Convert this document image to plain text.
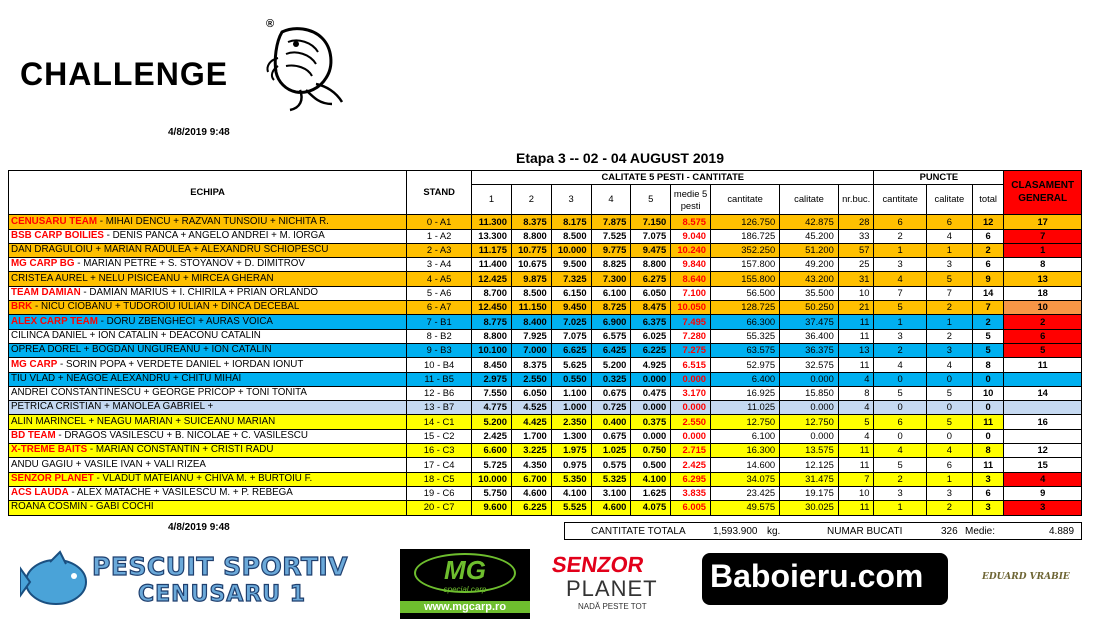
CHALLENGE
®
4/8/2019 9:48
Etapa 3 -- 02 - 04 AUGUST 2019
ECHIPA	STAND	CALITATE 5 PESTI - CANTITATE									PUNCTE			CLASAMENT GENERAL
		1	2	3	4	5	medie 5 pesti	cantitate	calitate	nr.buc.	cantitate	calitate	total	
CENUSARU TEAM - MIHAI DENCU + RAZVAN TUNSOIU + NICHITA R.	0 - A1	11.300	8.375	8.175	7.875	7.150	8.575	126.750	42.875	28	6	6	12	17
BSB CARP BOILIES - DENIS PANCA + ANGELO ANDREI + M. IORGA	1 - A2	13.300	8.800	8.500	7.525	7.075	9.040	186.725	45.200	33	2	4	6	7
DAN DRAGULOIU + MARIAN RADULEA + ALEXANDRU SCHIOPESCU	2 - A3	11.175	10.775	10.000	9.775	9.475	10.240	352.250	51.200	57	1	1	2	1
MG CARP BG - MARIAN PETRE + S. STOYANOV + D. DIMITROV	3 - A4	11.400	10.675	9.500	8.825	8.800	9.840	157.800	49.200	25	3	3	6	8
CRISTEA AUREL + NELU PISICEANU + MIRCEA GHERAN	4 - A5	12.425	9.875	7.325	7.300	6.275	8.640	155.800	43.200	31	4	5	9	13
TEAM DAMIAN - DAMIAN MARIUS + I. CHIRILA + PRIAN ORLANDO	5 - A6	8.700	8.500	6.150	6.100	6.050	7.100	56.500	35.500	10	7	7	14	18
BRK - NICU CIOBANU + TUDOROIU IULIAN + DINCA DECEBAL	6 - A7	12.450	11.150	9.450	8.725	8.475	10.050	128.725	50.250	21	5	2	7	10
ALEX CARP TEAM - DORU ZBENGHECI + AURAS VOICA	7 - B1	8.775	8.400	7.025	6.900	6.375	7.495	66.300	37.475	11	1	1	2	2
CILINCA DANIEL + ION CATALIN + DEACONU CATALIN	8 - B2	8.800	7.925	7.075	6.575	6.025	7.280	55.325	36.400	11	3	2	5	6
OPREA DOREL + BOGDAN UNGUREANU + ION CATALIN	9 - B3	10.100	7.000	6.625	6.425	6.225	7.275	63.575	36.375	13	2	3	5	5
MG CARP - SORIN POPA + VERDETE DANIEL + IORDAN IONUT	10 - B4	8.450	8.375	5.625	5.200	4.925	6.515	52.975	32.575	11	4	4	8	11
TIU VLAD + NEAGOE ALEXANDRU + CHITU MIHAI	11 - B5	2.975	2.550	0.550	0.325	0.000	0.000	6.400	0.000	4	0	0	0	
ANDREI CONSTANTINESCU + GEORGE PRICOP + TONI TONITA	12 - B6	7.550	6.050	1.100	0.675	0.475	3.170	16.925	15.850	8	5	5	10	14
PETRICA CRISTIAN + MANOLEA GABRIEL +	13 - B7	4.775	4.525	1.000	0.725	0.000	0.000	11.025	0.000	4	0	0	0	
ALIN MARINCEL + NEAGU MARIAN + SUICEANU MARIAN	14 - C1	5.200	4.425	2.350	0.400	0.375	2.550	12.750	12.750	5	6	5	11	16
BD TEAM - DRAGOS VASILESCU + B. NICOLAE + C. VASILESCU	15 - C2	2.425	1.700	1.300	0.675	0.000	0.000	6.100	0.000	4	0	0	0	
X-TREME BAITS - MARIAN CONSTANTIN + CRISTI RADU	16 - C3	6.600	3.225	1.975	1.025	0.750	2.715	16.300	13.575	11	4	4	8	12
ANDU GAGIU + VASILE IVAN + VALI RIZEA	17 - C4	5.725	4.350	0.975	0.575	0.500	2.425	14.600	12.125	11	5	6	11	15
SENZOR PLANET - VLADUT MATEIANU + CHIVA M. + BURTOIU F.	18 - C5	10.000	6.700	5.350	5.325	4.100	6.295	34.075	31.475	7	2	1	3	4
ACS LAUDA - ALEX MATACHE + VASILESCU M. + P. REBEGA	19 - C6	5.750	4.600	4.100	3.100	1.625	3.835	23.425	19.175	10	3	3	6	9
ROANA COSMIN - GABI COCHI	20 - C7	9.600	6.225	5.525	4.600	4.075	6.005	49.575	30.025	11	1	2	3	3
4/8/2019 9:48	CANTITATE TOTALA	1,593.900 kg.	NUMAR BUCATI	326 Medie:	4.889
PESCUIT SPORTIV
CENUSARU 1
MG
special carp
www.mgcarp.ro
SENZOR
PLANET
NADĂ PESTE TOT
Baboieru.com	EDUARD VRABIE
